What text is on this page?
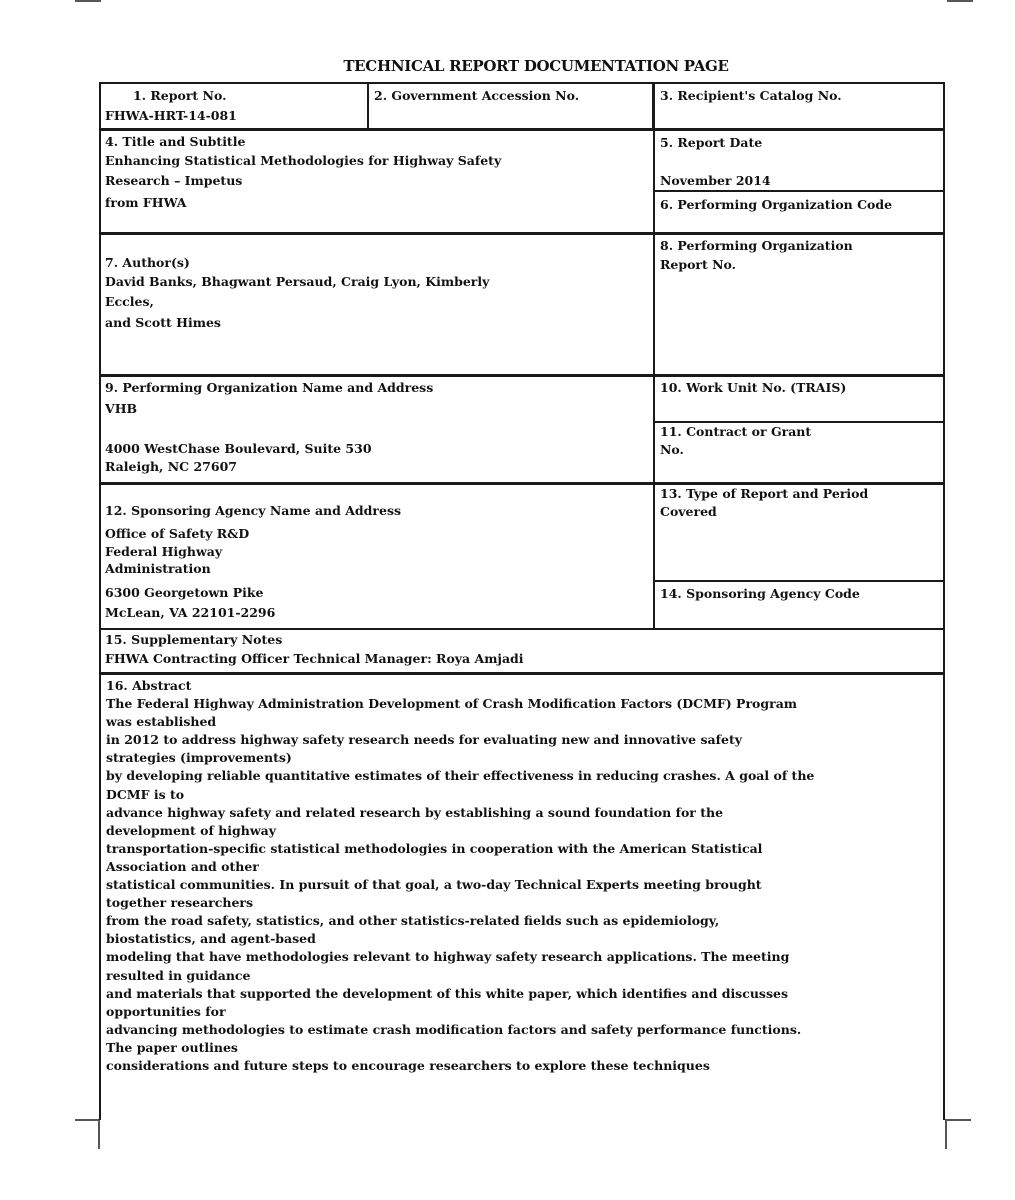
TECHNICAL REPORT DOCUMENTATION PAGE
1. Report No.
FHWA-HRT-14-081
2. Government Accession No.	3. Recipient's Catalog No.
4. Title and Subtitle
Enhancing Statistical Methodologies for Highway Safety
Research – Impetus
from FHWA
5. Report Date
November 2014
6. Performing Organization Code
7. Author(s)
David Banks, Bhagwant Persaud, Craig Lyon, Kimberly
Eccles,
and Scott Himes
8. Performing Organization
Report No.
9. Performing Organization Name and Address
VHB
4000 WestChase Boulevard, Suite 530
Raleigh, NC 27607
10. Work Unit No. (TRAIS)
11. Contract or Grant
No.
12. Sponsoring Agency Name and Address
Office of Safety R&D
Federal Highway
Administration
6300 Georgetown Pike
McLean, VA 22101-2296
13. Type of Report and Period
Covered
14. Sponsoring Agency Code
15. Supplementary Notes
FHWA Contracting Officer Technical Manager: Roya Amjadi
16. Abstract
The Federal Highway Administration Development of Crash Modification Factors (DCMF) Program
was established
in 2012 to address highway safety research needs for evaluating new and innovative safety
strategies (improvements)
by developing reliable quantitative estimates of their effectiveness in reducing crashes. A goal of the
DCMF is to
advance highway safety and related research by establishing a sound foundation for the
development of highway
transportation-specific statistical methodologies in cooperation with the American Statistical
Association and other
statistical communities. In pursuit of that goal, a two-day Technical Experts meeting brought
together researchers
from the road safety, statistics, and other statistics-related fields such as epidemiology,
biostatistics, and agent-based
modeling that have methodologies relevant to highway safety research applications. The meeting
resulted in guidance
and materials that supported the development of this white paper, which identifies and discusses
opportunities for
advancing methodologies to estimate crash modification factors and safety performance functions.
The paper outlines
considerations and future steps to encourage researchers to explore these techniques
